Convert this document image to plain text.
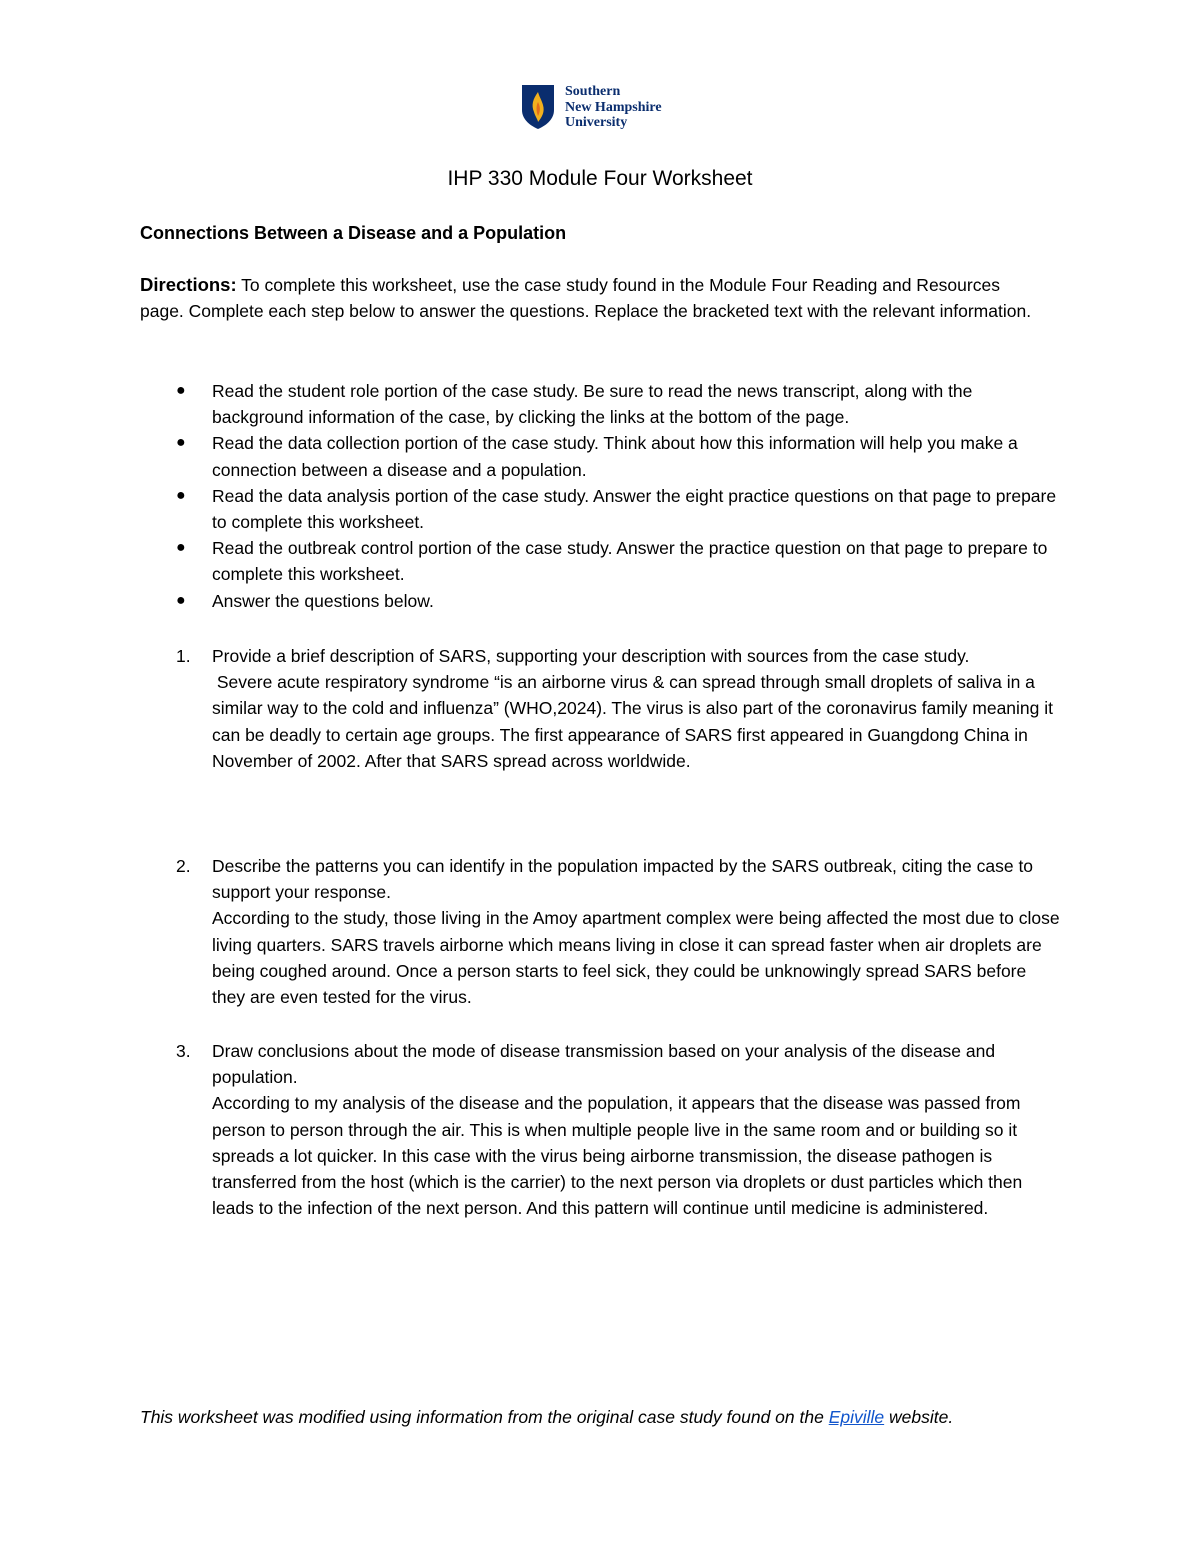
Southern
New Hampshire
University
IHP 330 Module Four Worksheet
Connections Between a Disease and a Population

Directions: To complete this worksheet, use the case study found in the Module Four Reading and Resources page. Complete each step below to answer the questions. Replace the bracketed text with the relevant information.

● Read the student role portion of the case study. Be sure to read the news transcript, along with the background information of the case, by clicking the links at the bottom of the page.
● Read the data collection portion of the case study. Think about how this information will help you make a connection between a disease and a population.
● Read the data analysis portion of the case study. Answer the eight practice questions on that page to prepare to complete this worksheet.
● Read the outbreak control portion of the case study. Answer the practice question on that page to prepare to complete this worksheet.
● Answer the questions below.
1. Provide a brief description of SARS, supporting your description with sources from the case study.
Severe acute respiratory syndrome “is an airborne virus & can spread through small droplets of saliva in a similar way to the cold and influenza” (WHO,2024). The virus is also part of the coronavirus family meaning it can be deadly to certain age groups. The first appearance of SARS first appeared in Guangdong China in November of 2002. After that SARS spread across worldwide.
2. Describe the patterns you can identify in the population impacted by the SARS outbreak, citing the case to support your response.
According to the study, those living in the Amoy apartment complex were being affected the most due to close living quarters. SARS travels airborne which means living in close it can spread faster when air droplets are being coughed around. Once a person starts to feel sick, they could be unknowingly spread SARS before they are even tested for the virus.
3. Draw conclusions about the mode of disease transmission based on your analysis of the disease and population.
According to my analysis of the disease and the population, it appears that the disease was passed from person to person through the air. This is when multiple people live in the same room and or building so it spreads a lot quicker. In this case with the virus being airborne transmission, the disease pathogen is transferred from the host (which is the carrier) to the next person via droplets or dust particles which then leads to the infection of the next person. And this pattern will continue until medicine is administered.

This worksheet was modified using information from the original case study found on the Epiville website.
